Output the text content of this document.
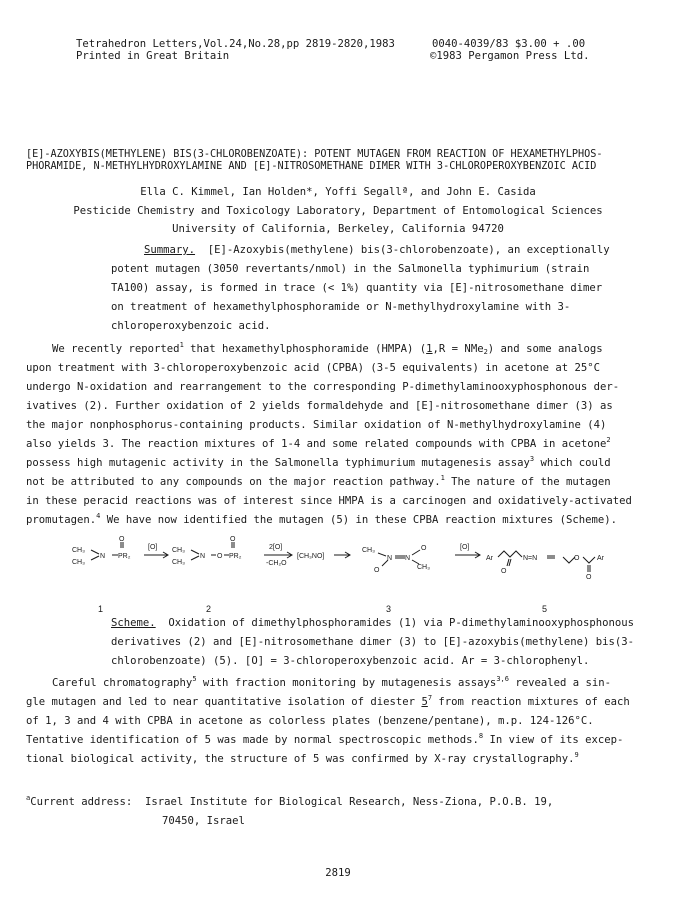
Tetrahedron Letters,Vol.24,No.28,pp 2819-2820,1983	0040-4039/83 $3.00 + .00
Printed in Great Britain	©1983 Pergamon Press Ltd.
[E]-AZOXYBIS(METHYLENE) BIS(3-CHLOROBENZOATE): POTENT MUTAGEN FROM REACTION OF HEXAMETHYLPHOS-
PHORAMIDE, N-METHYLHYDROXYLAMINE AND [E]-NITROSOMETHANE DIMER WITH 3-CHLOROPEROXYBENZOIC ACID
Ella C. Kimmel, Ian Holden*, Yoffi Segallª, and John E. Casida
Pesticide Chemistry and Toxicology Laboratory, Department of Entomological Sciences
University of California, Berkeley, California 94720
Summary. [E]-Azoxybis(methylene) bis(3-chlorobenzoate), an exceptionally
potent mutagen (3050 revertants/nmol) in the Salmonella typhimurium (strain
TA100) assay, is formed in trace (< 1%) quantity via [E]-nitrosomethane dimer
on treatment of hexamethylphosphoramide or N-methylhydroxylamine with 3-
chloroperoxybenzoic acid.
We recently reported$^1$ that hexamethylphosphoramide (HMPA) (1,R = NMe$_2$) and some analogs
upon treatment with 3-chloroperoxybenzoic acid (CPBA) (3-5 equivalents) in acetone at 25°C
undergo N-oxidation and rearrangement to the corresponding P-dimethylaminooxyphosphonous der-
ivatives (2). Further oxidation of 2 yields formaldehyde and [E]-nitrosomethane dimer (3) as
the major nonphosphorus-containing products. Similar oxidation of N-methylhydroxylamine (4)
also yields 3. The reaction mixtures of 1-4 and some related compounds with CPBA in acetone$^2$
possess high mutagenic activity in the Salmonella typhimurium mutagenesis assay$^3$ which could
not be attributed to any compounds on the major reaction pathway.$^1$ The nature of the mutagen
in these peracid reactions was of interest since HMPA is a carcinogen and oxidatively-activated
promutagen.$^4$ We have now identified the mutagen (5) in these CPBA reaction mixtures (Scheme).
CH₃
CH₃
N PR₂
O
[O] CH₃
CH₃
N O PR₂
O
2[O]
-CH₂O
[CH₃NO]
CH₃
N N
O
O	CH₃
[O]
Ar	N=N
O
O	Ar
O
1	2	3	5
Scheme. Oxidation of dimethylphosphoramides (1) via P-dimethylaminooxyphosphonous
derivatives (2) and [E]-nitrosomethane dimer (3) to [E]-azoxybis(methylene) bis(3-
chlorobenzoate) (5). [O] = 3-chloroperoxybenzoic acid. Ar = 3-chlorophenyl.
Careful chromatography$^5$ with fraction monitoring by mutagenesis assays$^{3,6}$ revealed a sin-
gle mutagen and led to near quantitative isolation of diester $5^7$ from reaction mixtures of each
of 1, 3 and 4 with CPBA in acetone as colorless plates (benzene/pentane), m.p. 124-126°C.
Tentative identification of 5 was made by normal spectroscopic methods.$^8$ In view of its excep-
tional biological activity, the structure of 5 was confirmed by X-ray crystallography.$^9$
$^a$Current address: Israel Institute for Biological Research, Ness-Ziona, P.O.B. 19,
70450, Israel
2819
